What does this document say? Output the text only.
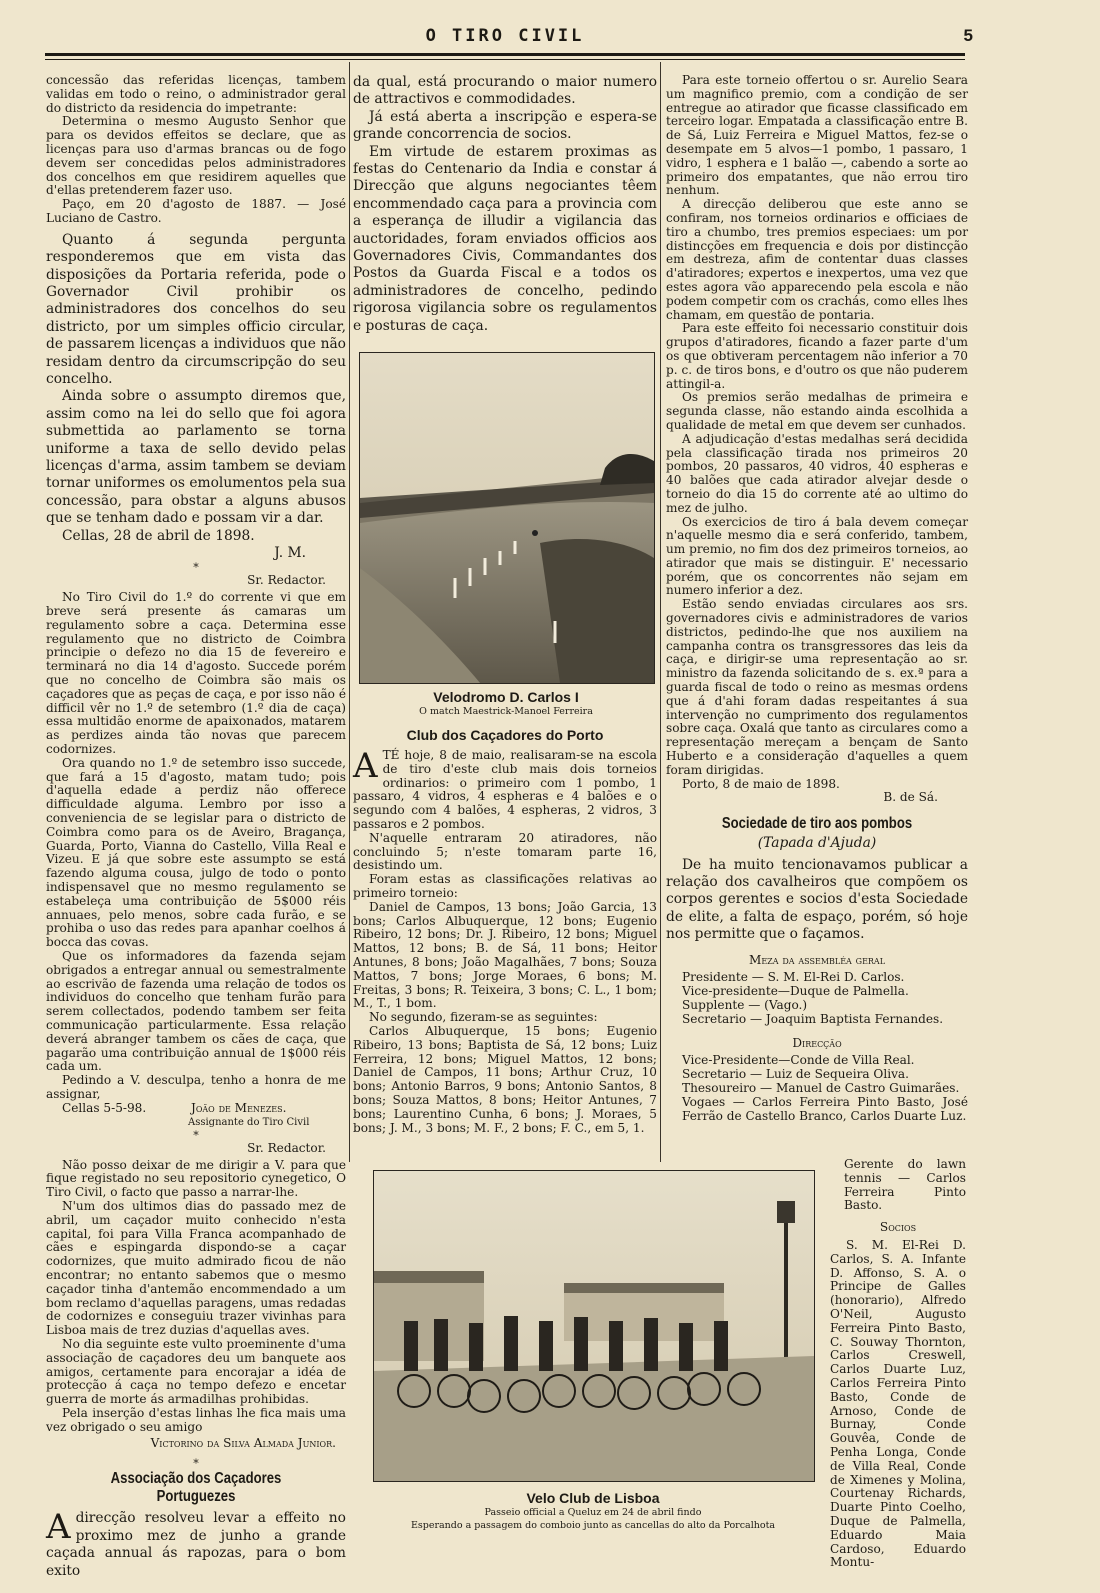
O TIRO CIVIL	5

concessão das referidas licenças, tambem validas em todo o reino, o administrador geral do districto da residencia do impetrante:

Determina o mesmo Augusto Senhor que para os devidos effeitos se declare, que as licenças para uso d'armas brancas ou de fogo devem ser concedidas pelos administradores dos concelhos em que residirem aquelles que d'ellas pretenderem fazer uso.

Paço, em 20 d'agosto de 1887. — José Luciano de Castro.

Quanto á segunda pergunta responderemos que em vista das disposições da Portaria referida, pode o Governador Civil prohibir os administradores dos concelhos do seu districto, por um simples officio circular, de passarem licenças a individuos que não residam dentro da circumscripção do seu concelho.

Ainda sobre o assumpto diremos que, assim como na lei do sello que foi agora submettida ao parlamento se torna uniforme a taxa de sello devido pelas licenças d'arma, assim tambem se deviam tornar uniformes os emolumentos pela sua concessão, para obstar a alguns abusos que se tenham dado e possam vir a dar.

Cellas, 28 de abril de 1898.

J. M.

*

Sr. Redactor.

No Tiro Civil do 1.º do corrente vi que em breve será presente ás camaras um regulamento sobre a caça. Determina esse regulamento que no districto de Coimbra principie o defezo no dia 15 de fevereiro e terminará no dia 14 d'agosto. Succede porém que no concelho de Coimbra são mais os caçadores que as peças de caça, e por isso não é difficil vêr no 1.º de setembro (1.º dia de caça) essa multidão enorme de apaixonados, matarem as perdizes ainda tão novas que parecem codornizes.

Ora quando no 1.º de setembro isso succede, que fará a 15 d'agosto, matam tudo; pois d'aquella edade a perdiz não offerece difficuldade alguma. Lembro por isso a conveniencia de se legislar para o districto de Coimbra como para os de Aveiro, Bragança, Guarda, Porto, Vianna do Castello, Villa Real e Vizeu. E já que sobre este assumpto se está fazendo alguma cousa, julgo de todo o ponto indispensavel que no mesmo regulamento se estabeleça uma contribuição de 5$000 réis annuaes, pelo menos, sobre cada furão, e se prohiba o uso das redes para apanhar coelhos á bocca das covas.

Que os informadores da fazenda sejam obrigados a entregar annual ou semestralmente ao escrivão de fazenda uma relação de todos os individuos do concelho que tenham furão para serem collectados, podendo tambem ser feita communicação particularmente. Essa relação deverá abranger tambem os cães de caça, que pagarão uma contribuição annual de 1$000 réis cada um.

Pedindo a V. desculpa, tenho a honra de me assignar,

Cellas 5-5-98.	João de Menezes.
Assignante do Tiro Civil

*

Sr. Redactor.

Não posso deixar de me dirigir a V. para que fique registado no seu repositorio cynegetico, O Tiro Civil, o facto que passo a narrar-lhe.

N'um dos ultimos dias do passado mez de abril, um caçador muito conhecido n'esta capital, foi para Villa Franca acompanhado de cães e espingarda dispondo-se a caçar codornizes, que muito admirado ficou de não encontrar; no entanto sabemos que o mesmo caçador tinha d'antemão encommendado a um bom reclamo d'aquellas paragens, umas redadas de codornizes e conseguiu trazer vivinhas para Lisboa mais de trez duzias d'aquellas aves.

No dia seguinte este vulto proeminente d'uma associação de caçadores deu um banquete aos amigos, certamente para encorajar a idéa de protecção á caça no tempo defezo e encetar guerra de morte ás armadilhas prohibidas.

Pela inserção d'estas linhas lhe fica mais uma vez obrigado o seu amigo

Victorino da Silva Almada Junior.

*

Associação dos Caçadores Portuguezes

Adirecção resolveu levar a effeito no proximo mez de junho a grande caçada annual ás rapozas, para o bom exito

da qual, está procurando o maior numero de attractivos e commodidades.

Já está aberta a inscripção e espera-se grande concorrencia de socios.

Em virtude de estarem proximas as festas do Centenario da India e constar á Direcção que alguns negociantes têem encommendado caça para a provincia com a esperança de illudir a vigilancia das auctoridades, foram enviados officios aos Governadores Civis, Commandantes dos Postos da Guarda Fiscal e a todos os administradores de concelho, pedindo rigorosa vigilancia sobre os regulamentos e posturas de caça.

Club dos Caçadores do Porto

ATÉ hoje, 8 de maio, realisaram-se na escola de tiro d'este club mais dois torneios ordinarios: o primeiro com 1 pombo, 1 passaro, 4 vidros, 4 espheras e 4 balões e o segundo com 4 balões, 4 espheras, 2 vidros, 3 passaros e 2 pombos.

N'aquelle entraram 20 atiradores, não concluindo 5; n'este tomaram parte 16, desistindo um.

Foram estas as classificações relativas ao primeiro torneio:

Daniel de Campos, 13 bons; João Garcia, 13 bons; Carlos Albuquerque, 12 bons; Eugenio Ribeiro, 12 bons; Dr. J. Ribeiro, 12 bons; Miguel Mattos, 12 bons; B. de Sá, 11 bons; Heitor Antunes, 8 bons; João Magalhães, 7 bons; Souza Mattos, 7 bons; Jorge Moraes, 6 bons; M. Freitas, 3 bons; R. Teixeira, 3 bons; C. L., 1 bom; M., T., 1 bom.

No segundo, fizeram-se as seguintes:

Carlos Albuquerque, 15 bons; Eugenio Ribeiro, 13 bons; Baptista de Sá, 12 bons; Luiz Ferreira, 12 bons; Miguel Mattos, 12 bons; Daniel de Campos, 11 bons; Arthur Cruz, 10 bons; Antonio Barros, 9 bons; Antonio Santos, 8 bons; Souza Mattos, 8 bons; Heitor Antunes, 7 bons; Laurentino Cunha, 6 bons; J. Moraes, 5 bons; J. M., 3 bons; M. F., 2 bons; F. C., em 5, 1.

Velodromo D. Carlos I
O match Maestrick-Manoel Ferreira

Para este torneio offertou o sr. Aurelio Seara um magnifico premio, com a condição de ser entregue ao atirador que ficasse classificado em terceiro logar. Empatada a classificação entre B. de Sá, Luiz Ferreira e Miguel Mattos, fez-se o desempate em 5 alvos—1 pombo, 1 passaro, 1 vidro, 1 esphera e 1 balão —, cabendo a sorte ao primeiro dos empatantes, que não errou tiro nenhum.

A direcção deliberou que este anno se confiram, nos torneios ordinarios e officiaes de tiro a chumbo, tres premios especiaes: um por distincções em frequencia e dois por distincção em destreza, afim de contentar duas classes d'atiradores; expertos e inexpertos, uma vez que estes agora vão apparecendo pela escola e não podem competir com os crachás, como elles lhes chamam, em questão de pontaria.

Para este effeito foi necessario constituir dois grupos d'atiradores, ficando a fazer parte d'um os que obtiveram percentagem não inferior a 70 p. c. de tiros bons, e d'outro os que não puderem attingil-a.

Os premios serão medalhas de primeira e segunda classe, não estando ainda escolhida a qualidade de metal em que devem ser cunhados.

A adjudicação d'estas medalhas será decidida pela classificação tirada nos primeiros 20 pombos, 20 passaros, 40 vidros, 40 espheras e 40 balões que cada atirador alvejar desde o torneio do dia 15 do corrente até ao ultimo do mez de julho.

Os exercicios de tiro á bala devem começar n'aquelle mesmo dia e será conferido, tambem, um premio, no fim dos dez primeiros torneios, ao atirador que mais se distinguir. E' necessario porém, que os concorrentes não sejam em numero inferior a dez.

Estão sendo enviadas circulares aos srs. governadores civis e administradores de varios districtos, pedindo-lhe que nos auxiliem na campanha contra os transgressores das leis da caça, e dirigir-se uma representação ao sr. ministro da fazenda solicitando de s. ex.ª para a guarda fiscal de todo o reino as mesmas ordens que á d'ahi foram dadas respeitantes á sua intervenção no cumprimento dos regulamentos sobre caça. Oxalá que tanto as circulares como a representação mereçam a bençam de Santo Huberto e a consideração d'aquelles a quem foram dirigidas.

Porto, 8 de maio de 1898.

B. de Sá.

Sociedade de tiro aos pombos

(Tapada d'Ajuda)

De ha muito tencionavamos publicar a relação dos cavalheiros que compõem os corpos gerentes e socios d'esta Sociedade de elite, a falta de espaço, porém, só hoje nos permitte que o façamos.

Meza da assembléa geral

Presidente — S. M. El-Rei D. Carlos.

Vice-presidente—Duque de Palmella.

Supplente — (Vago.)

Secretario — Joaquim Baptista Fernandes.

Direcção

Vice-Presidente—Conde de Villa Real.

Secretario — Luiz de Sequeira Oliva.

Thesoureiro — Manuel de Castro Guimarães.

Vogaes — Carlos Ferreira Pinto Basto, José Ferrão de Castello Branco, Carlos Duarte Luz.

Velo Club de Lisboa
Passeio official a Queluz em 24 de abril findo
Esperando a passagem do comboio junto as cancellas do alto da Porcalhota

Gerente do lawn tennis — Carlos Ferreira Pinto Basto.

Socios

S. M. El-Rei D. Carlos, S. A. Infante D. Affonso, S. A. o Principe de Galles (honorario), Alfredo O'Neil, Augusto Ferreira Pinto Basto, C. Souway Thornton, Carlos Creswell, Carlos Duarte Luz, Carlos Ferreira Pinto Basto, Conde de Arnoso, Conde de Burnay, Conde Gouvêa, Conde de Penha Longa, Conde de Villa Real, Conde de Ximenes y Molina, Courtenay Richards, Duarte Pinto Coelho, Duque de Palmella, Eduardo Maia Cardoso, Eduardo Montu-
